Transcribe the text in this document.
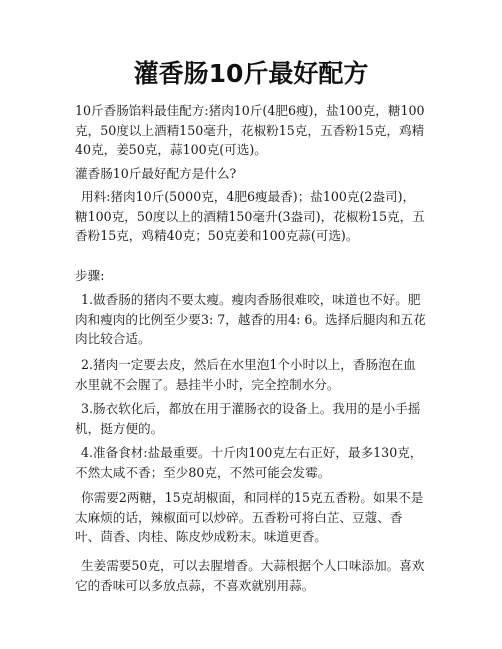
灌香肠10斤最好配方

10斤香肠馅料最佳配方:猪肉10斤(4肥6瘦)，盐100克，糖100克，50度以上酒精150毫升，花椒粉15克，五香粉15克，鸡精40克，姜50克，蒜100克(可选)。

灌香肠10斤最好配方是什么?

用料:猪肉10斤(5000克，4肥6瘦最香)；盐100克(2盎司)，糖100克，50度以上的酒精150毫升(3盎司)，花椒粉15克，五香粉15克，鸡精40克；50克姜和100克蒜(可选)。

步骤:

1.做香肠的猪肉不要太瘦。瘦肉香肠很难咬，味道也不好。肥肉和瘦肉的比例至少要3: 7，越香的用4: 6。选择后腿肉和五花肉比较合适。

2.猪肉一定要去皮，然后在水里泡1个小时以上，香肠泡在血水里就不会腥了。悬挂半小时，完全控制水分。

3.肠衣软化后，都放在用于灌肠衣的设备上。我用的是小手摇机，挺方便的。

4.准备食材:盐最重要。十斤肉100克左右正好，最多130克，不然太咸不香；至少80克，不然可能会发霉。

你需要2两糖，15克胡椒面，和同样的15克五香粉。如果不是太麻烦的话，辣椒面可以炒碎。五香粉可将白芷、豆蔻、香叶、茴香、肉桂、陈皮炒成粉末。味道更香。

生姜需要50克，可以去腥增香。大蒜根据个人口味添加。喜欢它的香味可以多放点蒜，不喜欢就别用蒜。
